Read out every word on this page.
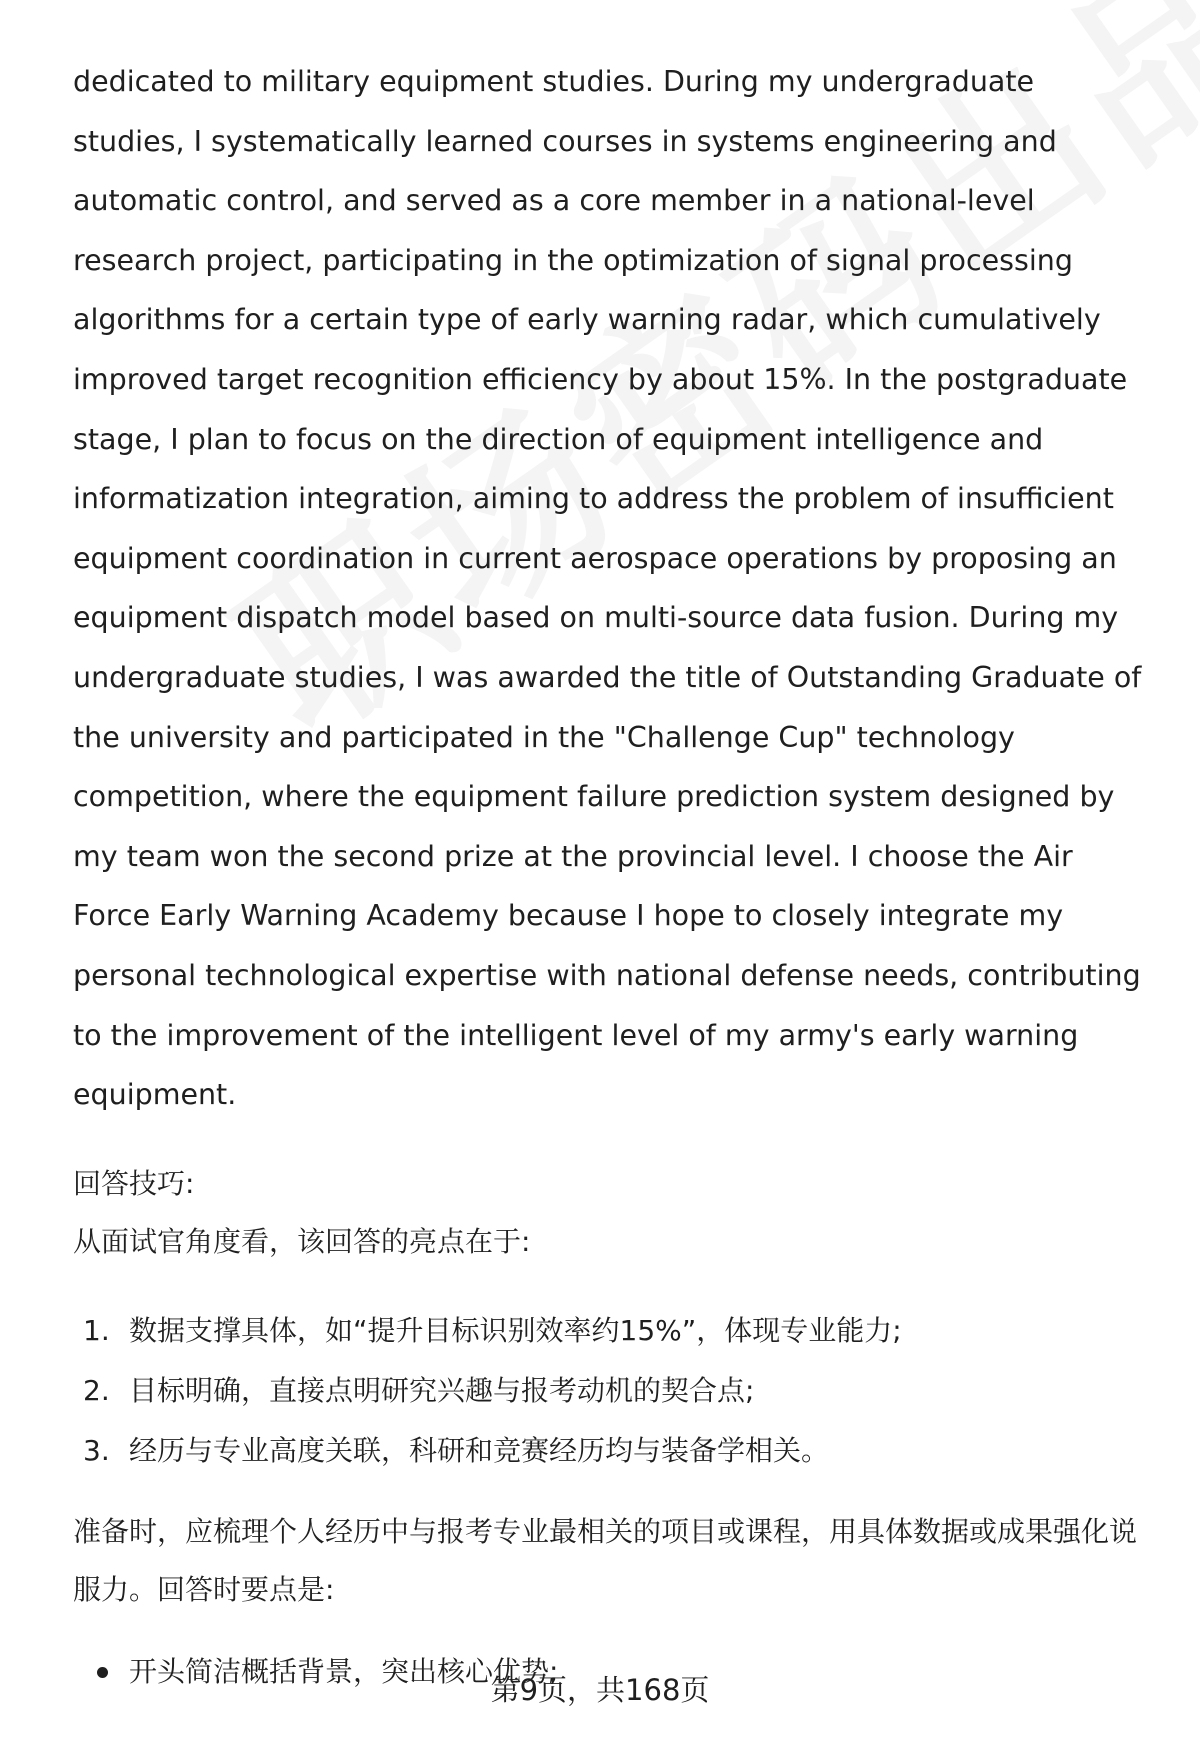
dedicated to military equipment studies. During my undergraduate studies, I systematically learned courses in systems engineering and automatic control, and served as a core member in a national-level research project, participating in the optimization of signal processing algorithms for a certain type of early warning radar, which cumulatively improved target recognition efficiency by about 15%. In the postgraduate stage, I plan to focus on the direction of equipment intelligence and informatization integration, aiming to address the problem of insufficient equipment coordination in current aerospace operations by proposing an equipment dispatch model based on multi-source data fusion. During my undergraduate studies, I was awarded the title of Outstanding Graduate of the university and participated in the "Challenge Cup" technology competition, where the equipment failure prediction system designed by my team won the second prize at the provincial level. I choose the Air Force Early Warning Academy because I hope to closely integrate my personal technological expertise with national defense needs, contributing to the improvement of the intelligent level of my army's early warning equipment.

回答技巧:
从面试官角度看，该回答的亮点在于:
1. 数据支撑具体，如“提升目标识别效率约15%”，体现专业能力;
2. 目标明确，直接点明研究兴趣与报考动机的契合点;
3. 经历与专业高度关联，科研和竞赛经历均与装备学相关。

准备时，应梳理个人经历中与报考专业最相关的项目或课程，用具体数据或成果强化说服力。回答时要点是:

开头简洁概括背景，突出核心优势;
第9页，共168页
